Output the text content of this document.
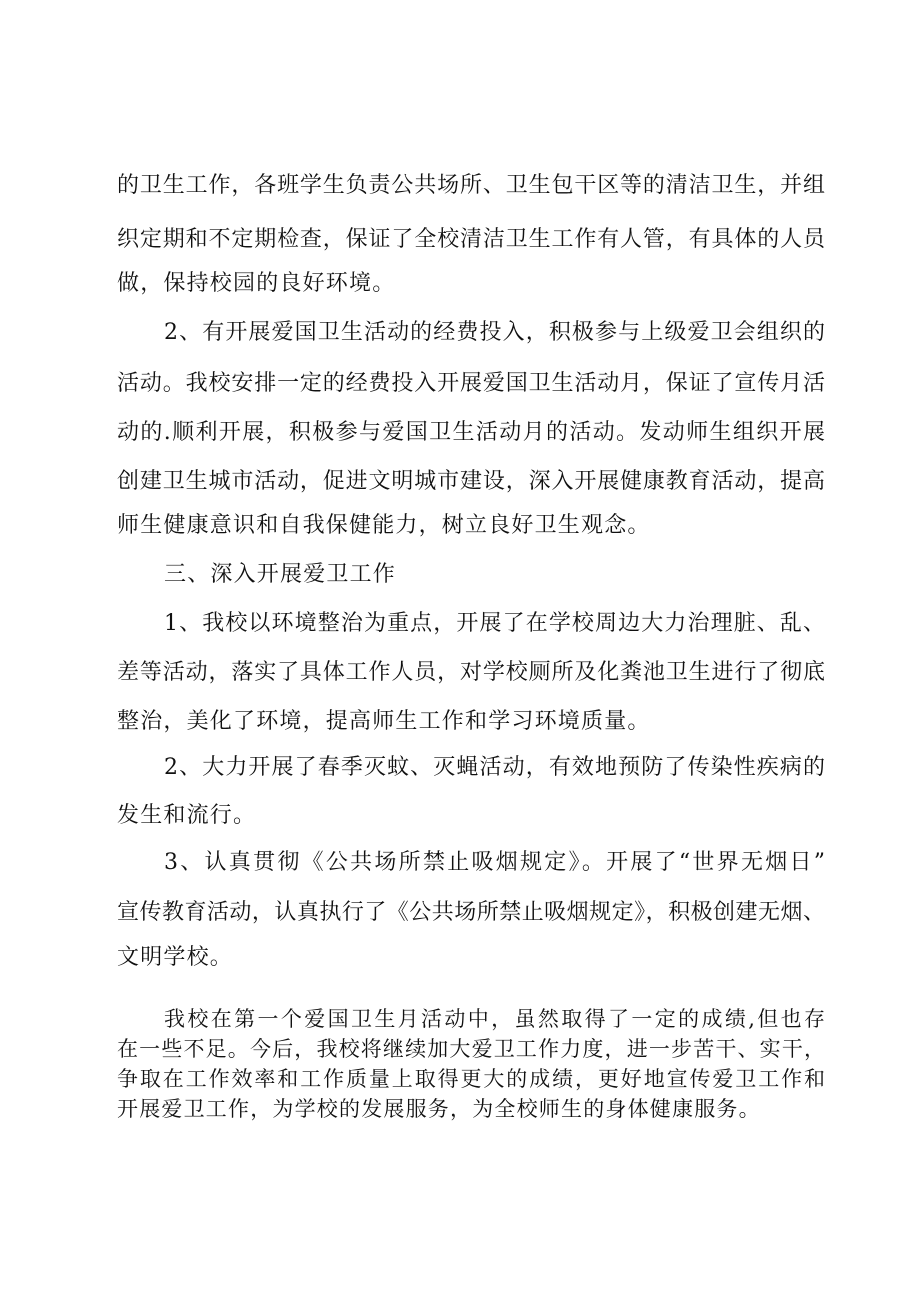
的卫生工作，各班学生负责公共场所、卫生包干区等的清洁卫生，并组
织定期和不定期检查，保证了全校清洁卫生工作有人管，有具体的人员
做，保持校园的良好环境。
2、有开展爱国卫生活动的经费投入，积极参与上级爱卫会组织的
活动。我校安排一定的经费投入开展爱国卫生活动月，保证了宣传月活
动的.顺利开展，积极参与爱国卫生活动月的活动。发动师生组织开展
创建卫生城市活动，促进文明城市建设，深入开展健康教育活动，提高
师生健康意识和自我保健能力，树立良好卫生观念。
三、深入开展爱卫工作
1、我校以环境整治为重点，开展了在学校周边大力治理脏、乱、
差等活动，落实了具体工作人员，对学校厕所及化粪池卫生进行了彻底
整治，美化了环境，提高师生工作和学习环境质量。
2、大力开展了春季灭蚊、灭蝇活动，有效地预防了传染性疾病的
发生和流行。
3、认真贯彻《公共场所禁止吸烟规定》。开展了“世界无烟日”
宣传教育活动，认真执行了《公共场所禁止吸烟规定》，积极创建无烟、
文明学校。
我校在第一个爱国卫生月活动中，虽然取得了一定的成绩,但也存
在一些不足。今后，我校将继续加大爱卫工作力度，进一步苦干、实干，
争取在工作效率和工作质量上取得更大的成绩，更好地宣传爱卫工作和
开展爱卫工作，为学校的发展服务，为全校师生的身体健康服务。
